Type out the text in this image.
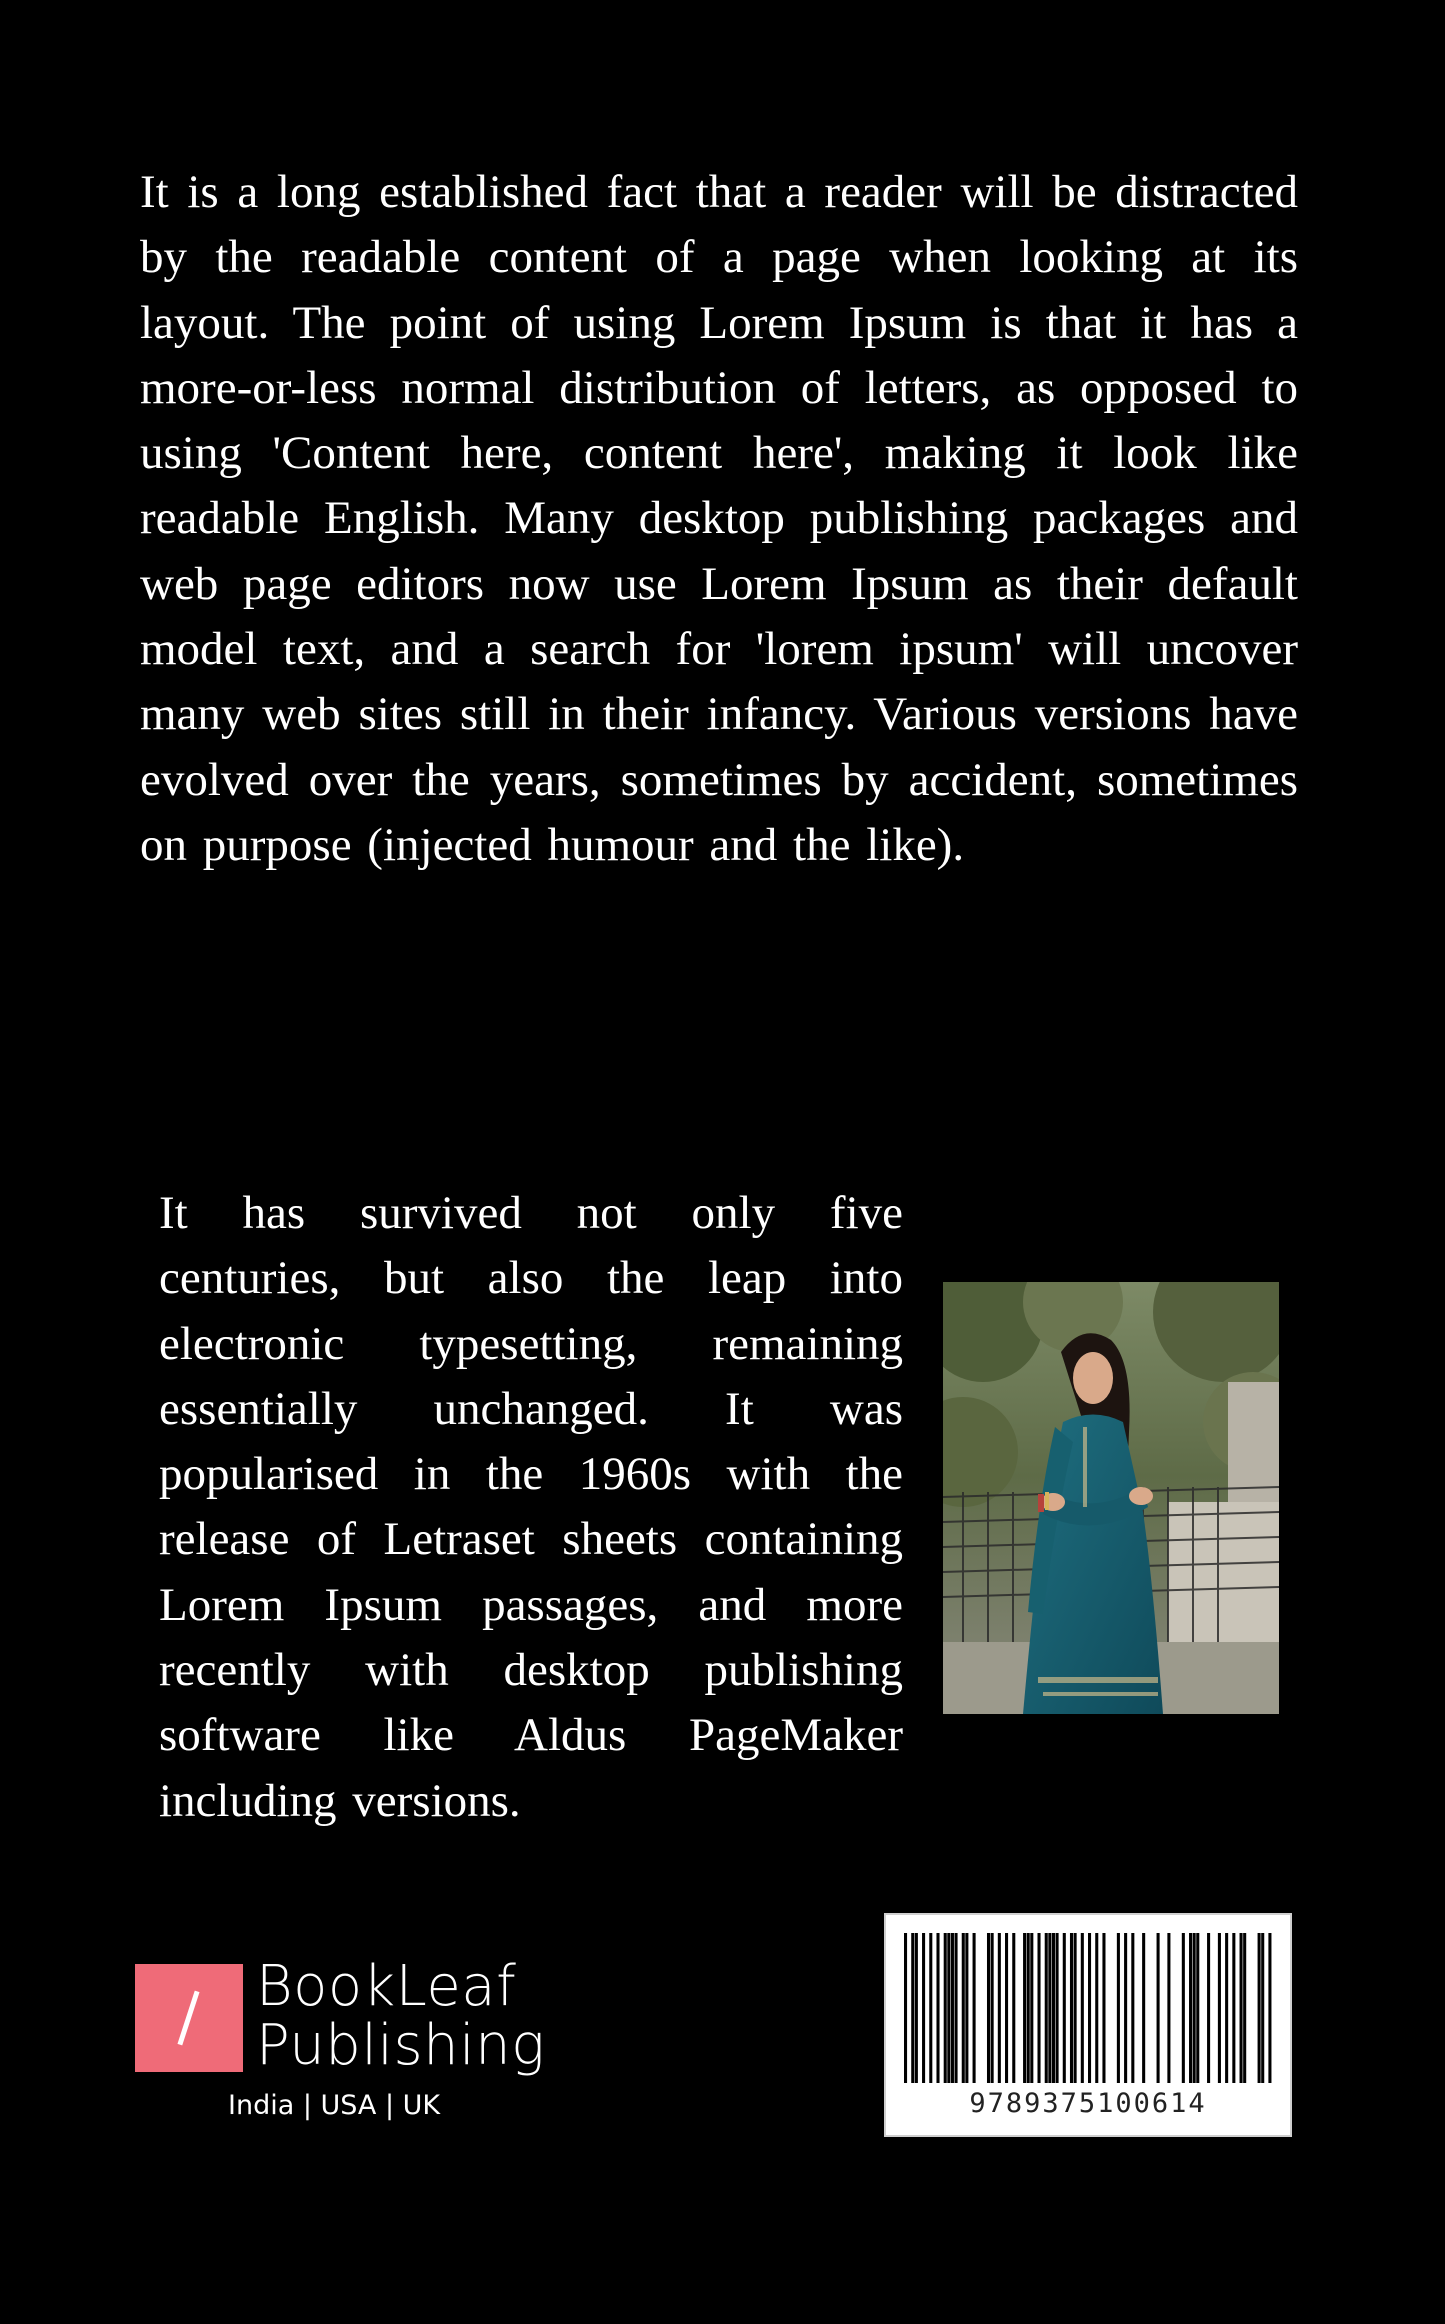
It is a long established fact that a reader will be distracted by the readable content of a page when looking at its layout. The point of using Lorem Ipsum is that it has a more-or-less normal distribution of letters, as opposed to using 'Content here, content here', making it look like readable English. Many desktop publishing packages and web page editors now use Lorem Ipsum as their default model text, and a search for 'lorem ipsum' will uncover many web sites still in their infancy. Various versions have evolved over the years, sometimes by accident, sometimes on purpose (injected humour and the like).

It has survived not only five centuries, but also the leap into electronic typesetting, remaining essentially unchanged. It was popularised in the 1960s with the release of Letraset sheets containing Lorem Ipsum passages, and more recently with desktop publishing software like Aldus PageMaker including versions.

BookLeaf
Publishing
India | USA | UK	9789375100614
